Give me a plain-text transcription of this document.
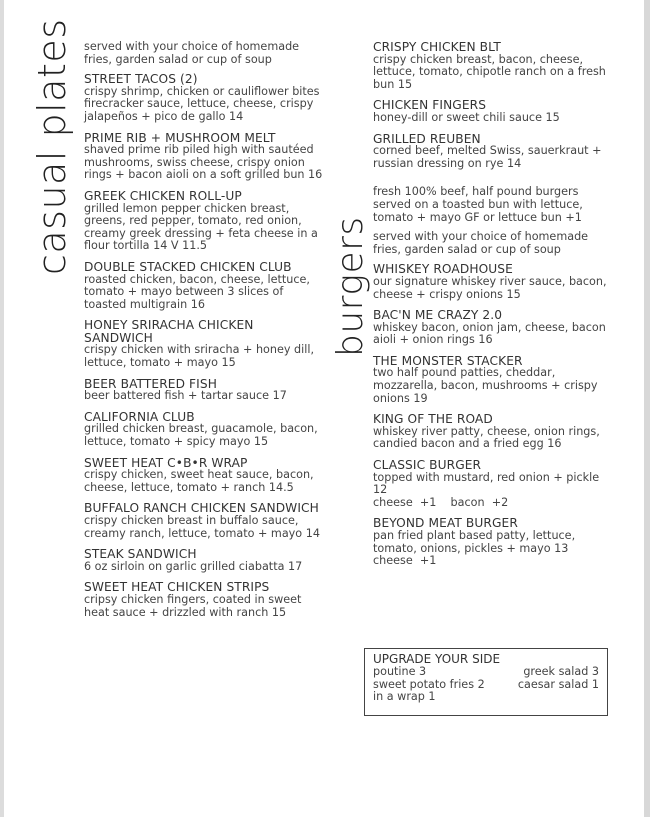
casual plates
burgers
served with your choice of homemade fries, garden salad or cup of soup
STREET TACOS (2)
crispy shrimp, chicken or cauliflower bites firecracker sauce, lettuce, cheese, crispy jalapeños + pico de gallo 14
PRIME RIB + MUSHROOM MELT
shaved prime rib piled high with sautéed mushrooms, swiss cheese, crispy onion rings + bacon aioli on a soft grilled bun 16
GREEK CHICKEN ROLL-UP
grilled lemon pepper chicken breast, greens, red pepper, tomato, red onion, creamy greek dressing + feta cheese in a flour tortilla 14 V 11.5
DOUBLE STACKED CHICKEN CLUB
roasted chicken, bacon, cheese, lettuce, tomato + mayo between 3 slices of toasted multigrain 16
HONEY SRIRACHA CHICKEN SANDWICH
crispy chicken with sriracha + honey dill, lettuce, tomato + mayo 15
BEER BATTERED FISH
beer battered fish + tartar sauce 17
CALIFORNIA CLUB
grilled chicken breast, guacamole, bacon, lettuce, tomato + spicy mayo 15
SWEET HEAT C•B•R WRAP
crispy chicken, sweet heat sauce, bacon, cheese, lettuce, tomato + ranch 14.5
BUFFALO RANCH CHICKEN SANDWICH
crispy chicken breast in buffalo sauce, creamy ranch, lettuce, tomato + mayo 14
STEAK SANDWICH
6 oz sirloin on garlic grilled ciabatta 17
SWEET HEAT CHICKEN STRIPS
cripsy chicken fingers, coated in sweet heat sauce + drizzled with ranch 15
CRISPY CHICKEN BLT
crispy chicken breast, bacon, cheese, lettuce, tomato, chipotle ranch on a fresh bun 15
CHICKEN FINGERS
honey-dill or sweet chili sauce 15
GRILLED REUBEN
corned beef, melted Swiss, sauerkraut + russian dressing on rye 14
fresh 100% beef, half pound burgers served on a toasted bun with lettuce, tomato + mayo GF or lettuce bun +1
served with your choice of homemade fries, garden salad or cup of soup
WHISKEY ROADHOUSE
our signature whiskey river sauce, bacon, cheese + crispy onions 15
BAC'N ME CRAZY 2.0
whiskey bacon, onion jam, cheese, bacon aioli + onion rings 16
THE MONSTER STACKER
two half pound patties, cheddar, mozzarella, bacon, mushrooms + crispy onions 19
KING OF THE ROAD
whiskey river patty, cheese, onion rings, candied bacon and a fried egg 16
CLASSIC BURGER
topped with mustard, red onion + pickle 12
cheese  +1    bacon  +2
BEYOND MEAT BURGER
pan fried plant based patty, lettuce, tomato, onions, pickles + mayo 13
cheese  +1
UPGRADE YOUR SIDE
poutine 3	greek salad 3
sweet potato fries 2	caesar salad 1
in a wrap 1
